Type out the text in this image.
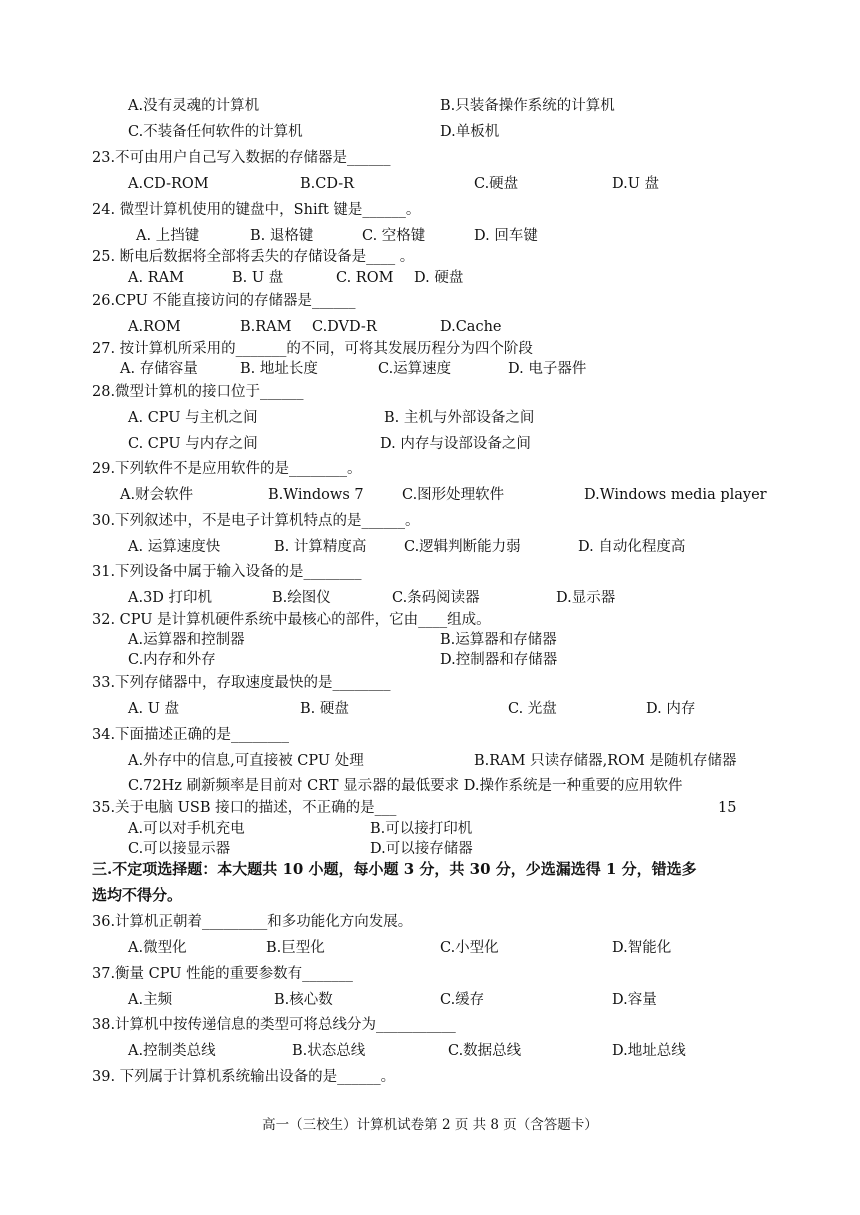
A.没有灵魂的计算机	B.只装备操作系统的计算机
C.不装备任何软件的计算机	D.单板机
23.不可由用户自己写入数据的存储器是______
A.CD-ROM	B.CD-R	C.硬盘	D.U 盘
24. 微型计算机使用的键盘中，Shift 键是______。
A. 上挡键	B. 退格键	C. 空格键	D. 回车键
25. 断电后数据将全部将丢失的存储设备是____ 。
A. RAM	B. U 盘	C. ROM D. 硬盘
26.CPU 不能直接访问的存储器是______
A.ROM	B.RAM C.DVD-R	D.Cache
27. 按计算机所采用的_______的不同，可将其发展历程分为四个阶段
A. 存储容量	B. 地址长度	C.运算速度	D. 电子器件
28.微型计算机的接口位于______
A. CPU 与主机之间	B. 主机与外部设备之间
C. CPU 与内存之间	D. 内存与设部设备之间
29.下列软件不是应用软件的是________。
A.财会软件	B.Windows 7	C.图形处理软件	D.Windows media player
30.下列叙述中，不是电子计算机特点的是______。
A. 运算速度快	B. 计算精度高	C.逻辑判断能力弱	D. 自动化程度高
31.下列设备中属于输入设备的是________
A.3D 打印机	B.绘图仪	C.条码阅读器	D.显示器
32. CPU 是计算机硬件系统中最核心的部件，它由____组成。
A.运算器和控制器	B.运算器和存储器
C.内存和外存	D.控制器和存储器
33.下列存储器中，存取速度最快的是________
A. U 盘	B. 硬盘	C. 光盘	D. 内存
34.下面描述正确的是________
A.外存中的信息,可直接被 CPU 处理	B.RAM 只读存储器,ROM 是随机存储器
C.72Hz 刷新频率是目前对 CRT 显示器的最低要求 D.操作系统是一种重要的应用软件
35.关于电脑 USB 接口的描述，不正确的是___	15
A.可以对手机充电	B.可以接打印机
C.可以接显示器	D.可以接存储器
36.计算机正朝着_________和多功能化方向发展。
A.微型化	B.巨型化	C.小型化	D.智能化
37.衡量 CPU 性能的重要参数有_______
A.主频	B.核心数	C.缓存	D.容量
38.计算机中按传递信息的类型可将总线分为___________
A.控制类总线	B.状态总线	C.数据总线	D.地址总线
39. 下列属于计算机系统输出设备的是______。
三.不定项选择题：本大题共 10 小题，每小题 3 分，共 30 分，少选漏选得 1 分，错选多
选均不得分。
高一（三校生）计算机试卷第 2 页 共 8 页（含答题卡）
